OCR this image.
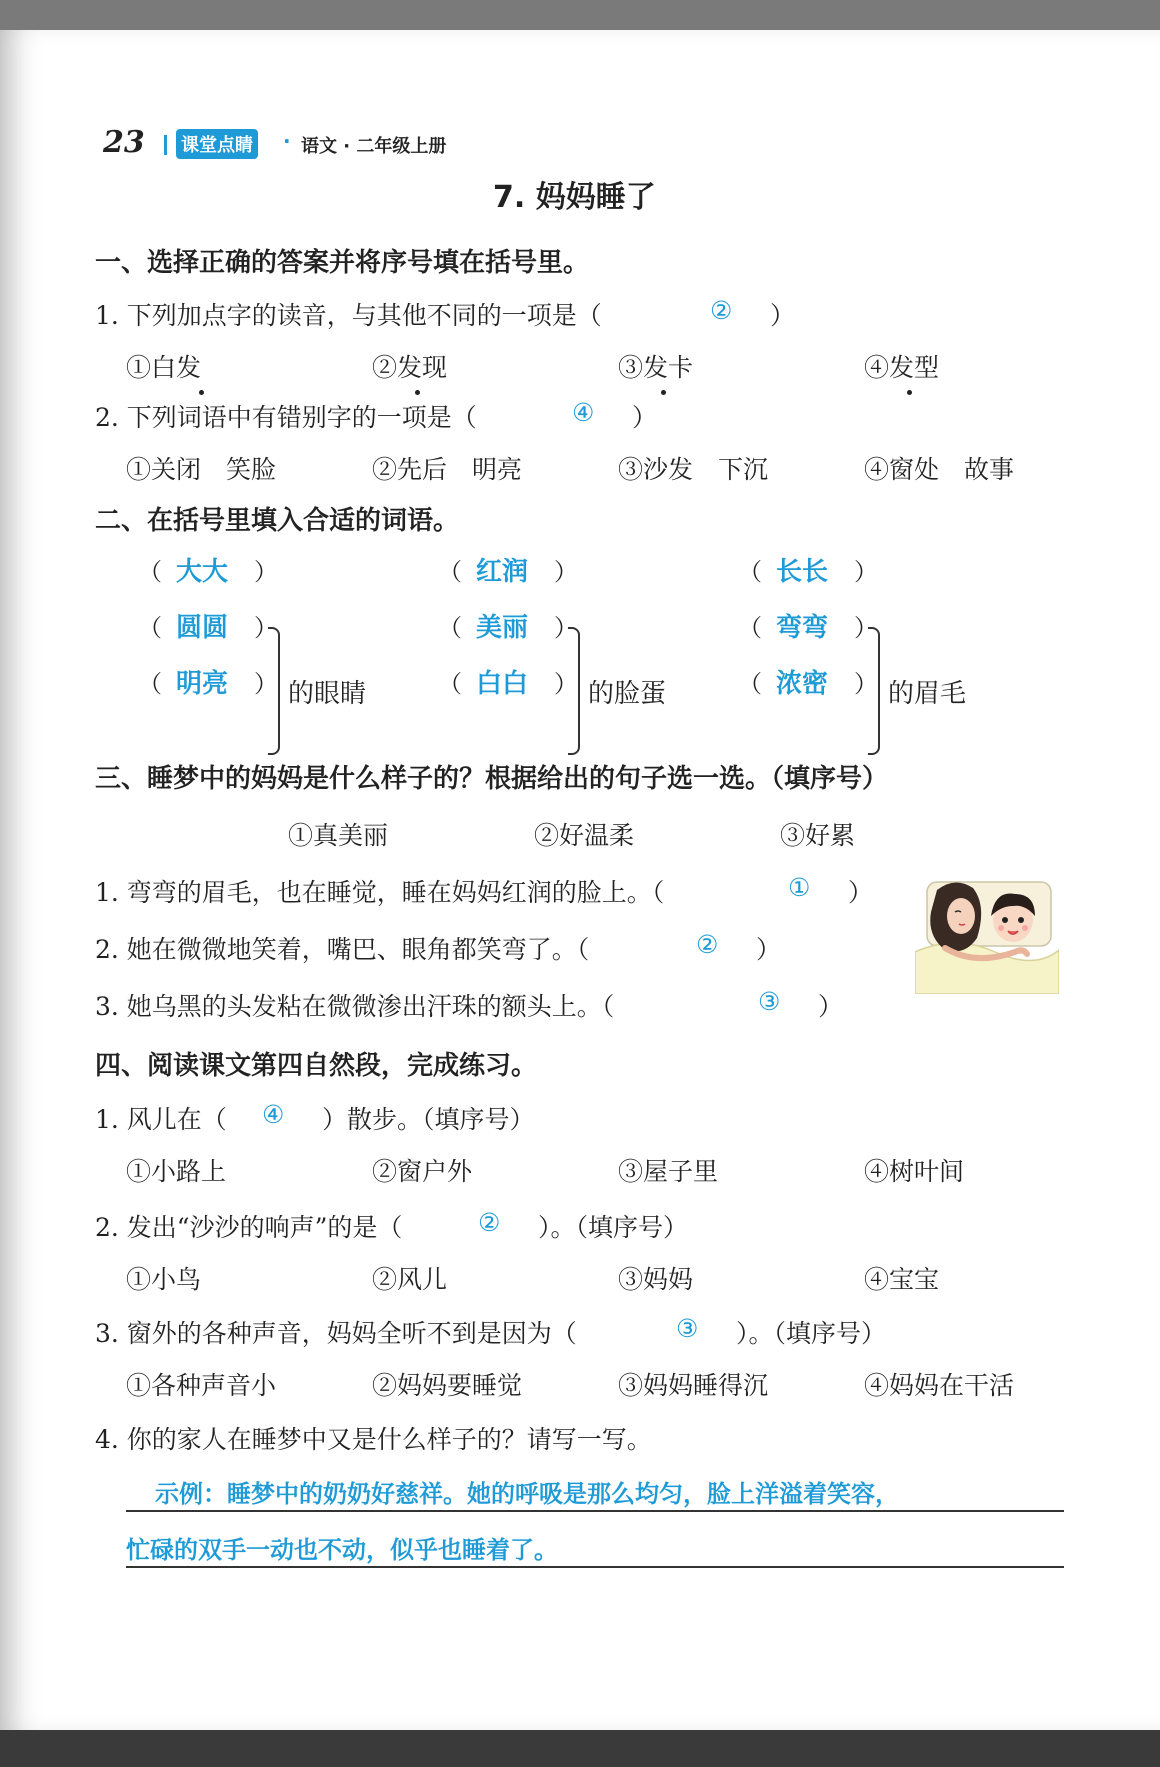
23 课堂点睛 · 语文 · 二年级上册
7. 妈妈睡了
一、选择正确的答案并将序号填在括号里。
1. 下列加点字的读音，与其他不同的一项是（	② ）
①白发	②发现	③发卡	④发型
2. 下列词语中有错别字的一项是（	④ ）
①关闭　笑脸	②先后　明亮	③沙发　下沉	④窗处　故事
二、在括号里填入合适的词语。
（ 大大 ）
（ 圆圆 ）
（ 明亮 ） 的眼睛
（ 红润 ）
（ 美丽 ）
（ 白白 ） 的脸蛋
（ 长长 ）
（ 弯弯 ）
（ 浓密 ） 的眉毛
三、睡梦中的妈妈是什么样子的？根据给出的句子选一选。（填序号）
①真美丽	②好温柔	③好累
1. 弯弯的眉毛，也在睡觉，睡在妈妈红润的脸上。（	① ）
2. 她在微微地笑着，嘴巴、眼角都笑弯了。（	② ）
3. 她乌黑的头发粘在微微渗出汗珠的额头上。（	③ ）
四、阅读课文第四自然段，完成练习。
1. 风儿在（ ④ ）散步。（填序号）
①小路上	②窗户外	③屋子里	④树叶间
2. 发出“沙沙的响声”的是（	② ）。（填序号）
①小鸟	②风儿	③妈妈	④宝宝
3. 窗外的各种声音，妈妈全听不到是因为（	③ ）。（填序号）
①各种声音小	②妈妈要睡觉	③妈妈睡得沉	④妈妈在干活
4. 你的家人在睡梦中又是什么样子的？请写一写。
示例：睡梦中的奶奶好慈祥。她的呼吸是那么均匀，脸上洋溢着笑容，
忙碌的双手一动也不动，似乎也睡着了。
